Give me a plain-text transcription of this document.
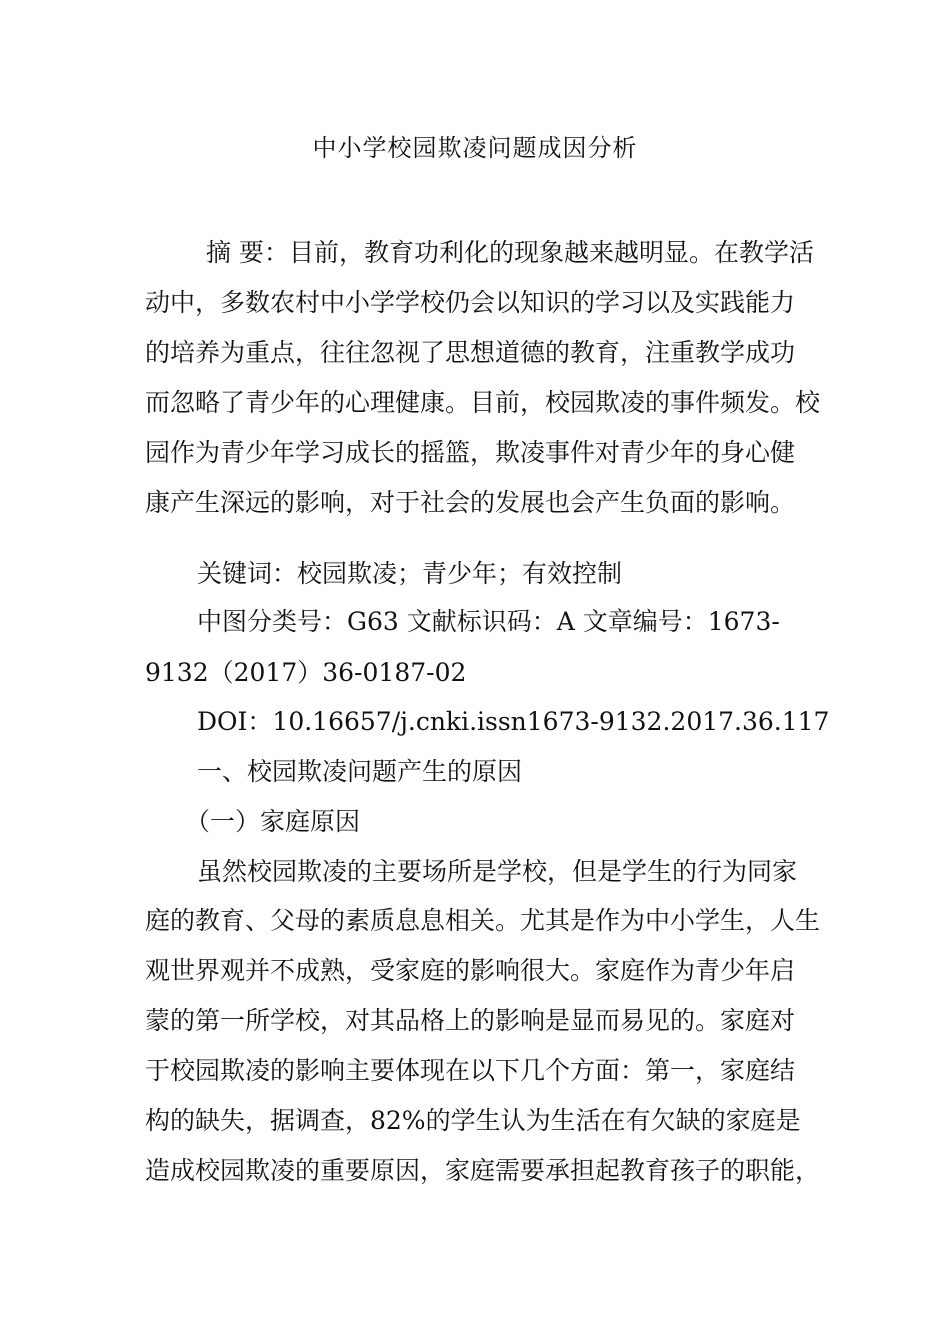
中小学校园欺凌问题成因分析
摘 要：目前，教育功利化的现象越来越明显。在教学活
动中，多数农村中小学学校仍会以知识的学习以及实践能力
的培养为重点，往往忽视了思想道德的教育，注重教学成功
而忽略了青少年的心理健康。目前，校园欺凌的事件频发。校
园作为青少年学习成长的摇篮，欺凌事件对青少年的身心健
康产生深远的影响，对于社会的发展也会产生负面的影响。
关键词：校园欺凌；青少年；有效控制
中图分类号：G63 文献标识码：A 文章编号：1673-
9132（2017）36-0187-02
DOI：10.16657/j.cnki.issn1673-9132.2017.36.117
一、校园欺凌问题产生的原因
（一）家庭原因
虽然校园欺凌的主要场所是学校，但是学生的行为同家
庭的教育、父母的素质息息相关。尤其是作为中小学生，人生
观世界观并不成熟，受家庭的影响很大。家庭作为青少年启
蒙的第一所学校，对其品格上的影响是显而易见的。家庭对
于校园欺凌的影响主要体现在以下几个方面：第一，家庭结
构的缺失，据调查，82%的学生认为生活在有欠缺的家庭是
造成校园欺凌的重要原因，家庭需要承担起教育孩子的职能，
